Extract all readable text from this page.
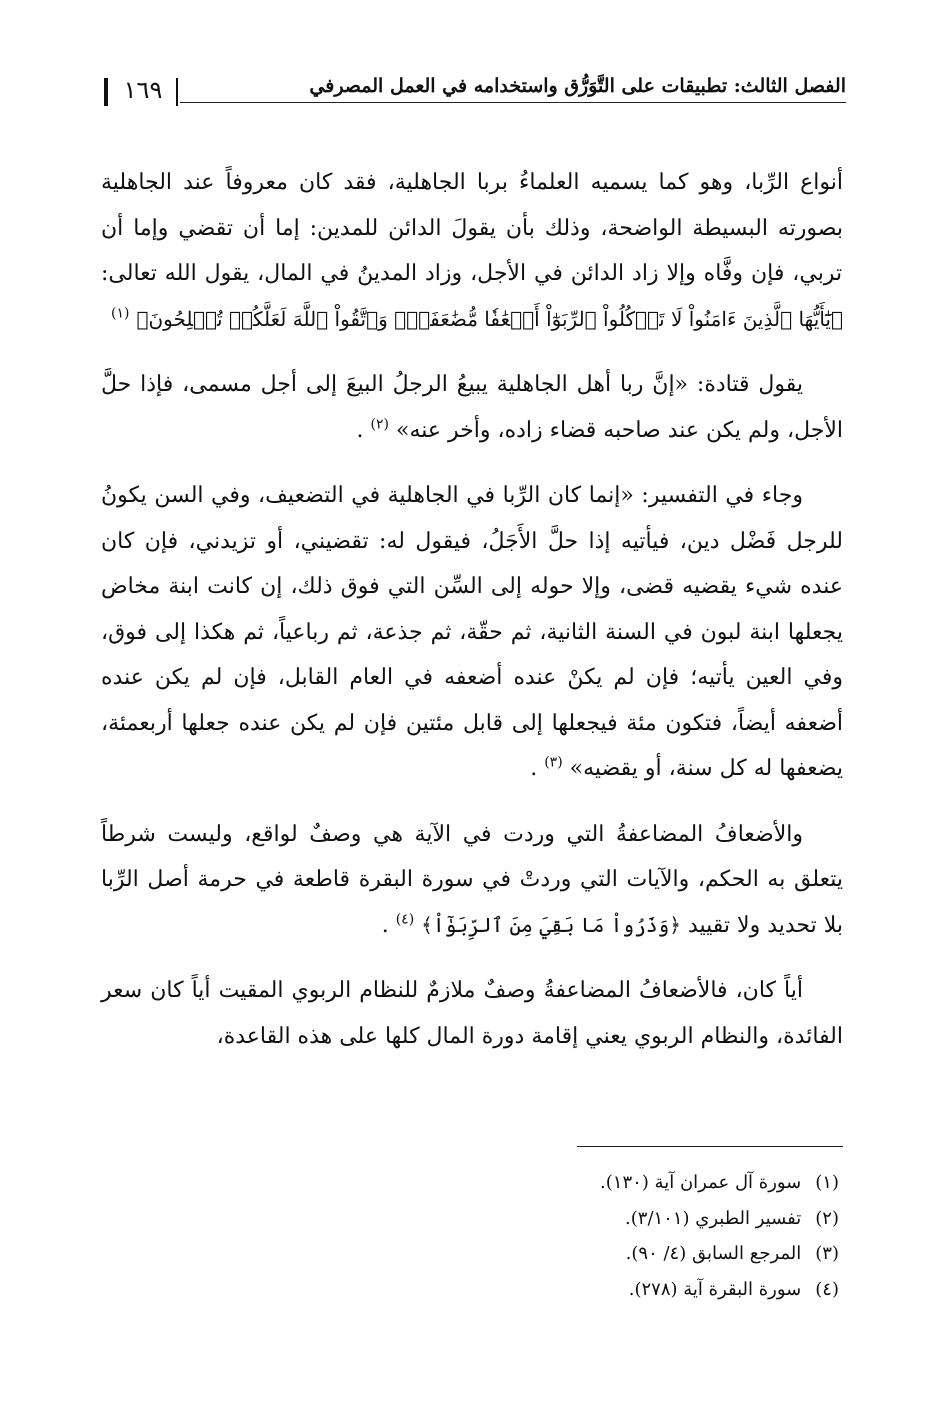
الفصل الثالث: تطبيقات على التَّوَرُّق واستخدامه في العمل المصرفي
١٦٩

أنواع الرِّبا، وهو كما يسميه العلماءُ بربا الجاهلية، فقد كان معروفاً عند الجاهلية بصورته البسيطة الواضحة، وذلك بأن يقولَ الدائن للمدين: إما أن تقضي وإما أن تربي، فإن وفَّاه وإلا زاد الدائن في الأجل، وزاد المدينُ في المال، يقول الله تعالى: ﴿يَٰٓأَيُّهَا ٱلَّذِينَ ءَامَنُواْ لَا تَأۡكُلُواْ ٱلرِّبَوٰٓاْ أَضۡعَٰفٗا مُّضَٰعَفَةٗۖ وَٱتَّقُواْ ٱللَّهَ لَعَلَّكُمۡ تُفۡلِحُونَ﴾ $^{(١)}$

يقول قتادة: «إنَّ ربا أهل الجاهلية يبيعُ الرجلُ البيعَ إلى أجل مسمى، فإذا حلَّ الأجل، ولم يكن عند صاحبه قضاء زاده، وأخر عنه» $^{(٢)}$ .

وجاء في التفسير: «إنما كان الرِّبا في الجاهلية في التضعيف، وفي السن يكونُ للرجل فَضْل دين، فيأتيه إذا حلَّ الأَجَلُ، فيقول له: تقضيني، أو تزيدني، فإن كان عنده شيء يقضيه قضى، وإلا حوله إلى السِّن التي فوق ذلك، إن كانت ابنة مخاض يجعلها ابنة لبون في السنة الثانية، ثم حقّة، ثم جذعة، ثم رباعياً، ثم هكذا إلى فوق، وفي العين يأتيه؛ فإن لم يكنْ عنده أضعفه في العام القابل، فإن لم يكن عنده أضعفه أيضاً، فتكون مئة فيجعلها إلى قابل مئتين فإن لم يكن عنده جعلها أربعمئة، يضعفها له كل سنة، أو يقضيه» $^{(٣)}$ .

والأضعافُ المضاعفةُ التي وردت في الآية هي وصفٌ لواقع، وليست شرطاً يتعلق به الحكم، والآيات التي وردتْ في سورة البقرة قاطعة في حرمة أصل الرِّبا بلا تحديد ولا تقييد ﴿وَذَرُواْ مَا بَقِيَ مِنَ ٱلرِّبَوٰٓاْ﴾ $^{(٤)}$ .

أياً كان، فالأضعافُ المضاعفةُ وصفٌ ملازمٌ للنظام الربوي المقيت أياً كان سعر الفائدة، والنظام الربوي يعني إقامة دورة المال كلها على هذه القاعدة،

(١) سورة آل عمران آية (١٣٠).
(٢) تفسير الطبري (٣/١٠١).
(٣) المرجع السابق (٤/ ٩٠).
(٤) سورة البقرة آية (٢٧٨).
